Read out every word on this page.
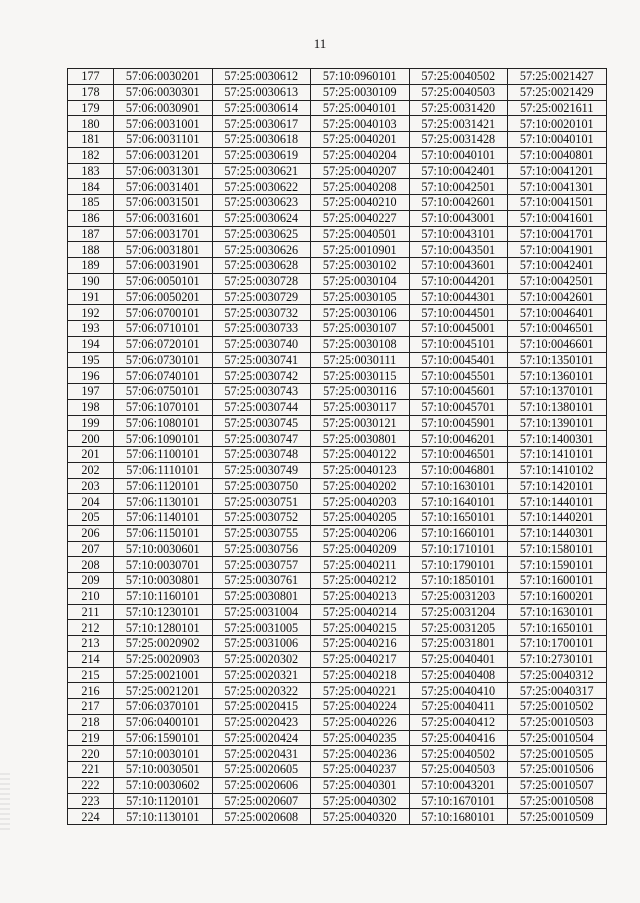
11
177	57:06:0030201	57:25:0030612	57:10:0960101	57:25:0040502	57:25:0021427
178	57:06:0030301	57:25:0030613	57:25:0030109	57:25:0040503	57:25:0021429
179	57:06:0030901	57:25:0030614	57:25:0040101	57:25:0031420	57:25:0021611
180	57:06:0031001	57:25:0030617	57:25:0040103	57:25:0031421	57:10:0020101
181	57:06:0031101	57:25:0030618	57:25:0040201	57:25:0031428	57:10:0040101
182	57:06:0031201	57:25:0030619	57:25:0040204	57:10:0040101	57:10:0040801
183	57:06:0031301	57:25:0030621	57:25:0040207	57:10:0042401	57:10:0041201
184	57:06:0031401	57:25:0030622	57:25:0040208	57:10:0042501	57:10:0041301
185	57:06:0031501	57:25:0030623	57:25:0040210	57:10:0042601	57:10:0041501
186	57:06:0031601	57:25:0030624	57:25:0040227	57:10:0043001	57:10:0041601
187	57:06:0031701	57:25:0030625	57:25:0040501	57:10:0043101	57:10:0041701
188	57:06:0031801	57:25:0030626	57:25:0010901	57:10:0043501	57:10:0041901
189	57:06:0031901	57:25:0030628	57:25:0030102	57:10:0043601	57:10:0042401
190	57:06:0050101	57:25:0030728	57:25:0030104	57:10:0044201	57:10:0042501
191	57:06:0050201	57:25:0030729	57:25:0030105	57:10:0044301	57:10:0042601
192	57:06:0700101	57:25:0030732	57:25:0030106	57:10:0044501	57:10:0046401
193	57:06:0710101	57:25:0030733	57:25:0030107	57:10:0045001	57:10:0046501
194	57:06:0720101	57:25:0030740	57:25:0030108	57:10:0045101	57:10:0046601
195	57:06:0730101	57:25:0030741	57:25:0030111	57:10:0045401	57:10:1350101
196	57:06:0740101	57:25:0030742	57:25:0030115	57:10:0045501	57:10:1360101
197	57:06:0750101	57:25:0030743	57:25:0030116	57:10:0045601	57:10:1370101
198	57:06:1070101	57:25:0030744	57:25:0030117	57:10:0045701	57:10:1380101
199	57:06:1080101	57:25:0030745	57:25:0030121	57:10:0045901	57:10:1390101
200	57:06:1090101	57:25:0030747	57:25:0030801	57:10:0046201	57:10:1400301
201	57:06:1100101	57:25:0030748	57:25:0040122	57:10:0046501	57:10:1410101
202	57:06:1110101	57:25:0030749	57:25:0040123	57:10:0046801	57:10:1410102
203	57:06:1120101	57:25:0030750	57:25:0040202	57:10:1630101	57:10:1420101
204	57:06:1130101	57:25:0030751	57:25:0040203	57:10:1640101	57:10:1440101
205	57:06:1140101	57:25:0030752	57:25:0040205	57:10:1650101	57:10:1440201
206	57:06:1150101	57:25:0030755	57:25:0040206	57:10:1660101	57:10:1440301
207	57:10:0030601	57:25:0030756	57:25:0040209	57:10:1710101	57:10:1580101
208	57:10:0030701	57:25:0030757	57:25:0040211	57:10:1790101	57:10:1590101
209	57:10:0030801	57:25:0030761	57:25:0040212	57:10:1850101	57:10:1600101
210	57:10:1160101	57:25:0030801	57:25:0040213	57:25:0031203	57:10:1600201
211	57:10:1230101	57:25:0031004	57:25:0040214	57:25:0031204	57:10:1630101
212	57:10:1280101	57:25:0031005	57:25:0040215	57:25:0031205	57:10:1650101
213	57:25:0020902	57:25:0031006	57:25:0040216	57:25:0031801	57:10:1700101
214	57:25:0020903	57:25:0020302	57:25:0040217	57:25:0040401	57:10:2730101
215	57:25:0021001	57:25:0020321	57:25:0040218	57:25:0040408	57:25:0040312
216	57:25:0021201	57:25:0020322	57:25:0040221	57:25:0040410	57:25:0040317
217	57:06:0370101	57:25:0020415	57:25:0040224	57:25:0040411	57:25:0010502
218	57:06:0400101	57:25:0020423	57:25:0040226	57:25:0040412	57:25:0010503
219	57:06:1590101	57:25:0020424	57:25:0040235	57:25:0040416	57:25:0010504
220	57:10:0030101	57:25:0020431	57:25:0040236	57:25:0040502	57:25:0010505
221	57:10:0030501	57:25:0020605	57:25:0040237	57:25:0040503	57:25:0010506
222	57:10:0030602	57:25:0020606	57:25:0040301	57:10:0043201	57:25:0010507
223	57:10:1120101	57:25:0020607	57:25:0040302	57:10:1670101	57:25:0010508
224	57:10:1130101	57:25:0020608	57:25:0040320	57:10:1680101	57:25:0010509
